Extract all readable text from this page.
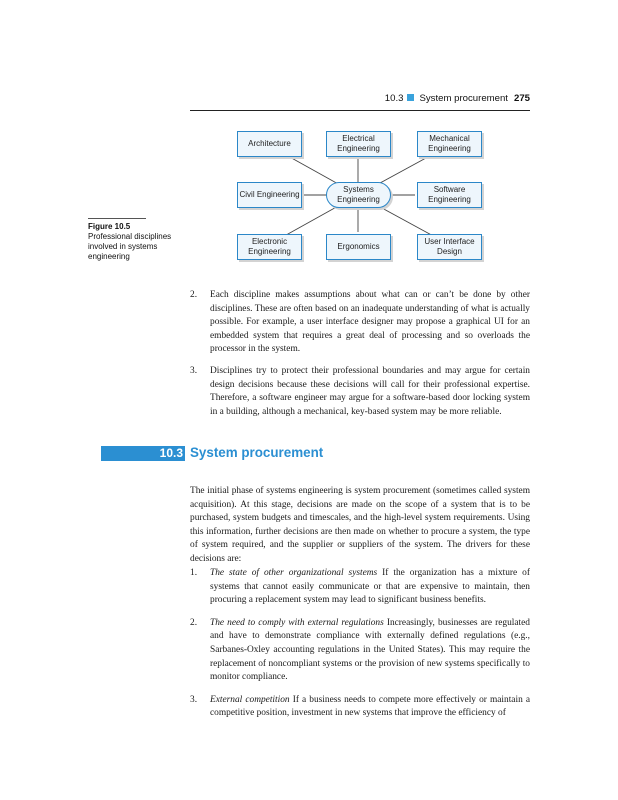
10.3 System procurement 275
Architecture
Electrical Engineering
Mechanical Engineering
Civil Engineering
Systems Engineering
Software Engineering
Electronic Engineering
Ergonomics
User Interface Design
Figure 10.5
Professional disciplines involved in systems engineering
2. Each discipline makes assumptions about what can or can’t be done by other disciplines. These are often based on an inadequate understanding of what is actually possible. For example, a user interface designer may propose a graphical UI for an embedded system that requires a great deal of processing and so overloads the processor in the system.
3. Disciplines try to protect their professional boundaries and may argue for certain design decisions because these decisions will call for their professional expertise. Therefore, a software engineer may argue for a software-based door locking system in a building, although a mechanical, key-based system may be more reliable.
10.3 System procurement

The initial phase of systems engineering is system procurement (sometimes called system acquisition). At this stage, decisions are made on the scope of a system that is to be purchased, system budgets and timescales, and the high-level system requirements. Using this information, further decisions are then made on whether to procure a system, the type of system required, and the supplier or suppliers of the system. The drivers for these decisions are:

1. The state of other organizational systems If the organization has a mixture of systems that cannot easily communicate or that are expensive to maintain, then procuring a replacement system may lead to significant business benefits.
2. The need to comply with external regulations Increasingly, businesses are regulated and have to demonstrate compliance with externally defined regulations (e.g., Sarbanes-Oxley accounting regulations in the United States). This may require the replacement of noncompliant systems or the provision of new systems specifically to monitor compliance.
3. External competition If a business needs to compete more effectively or maintain a competitive position, investment in new systems that improve the efficiency of
